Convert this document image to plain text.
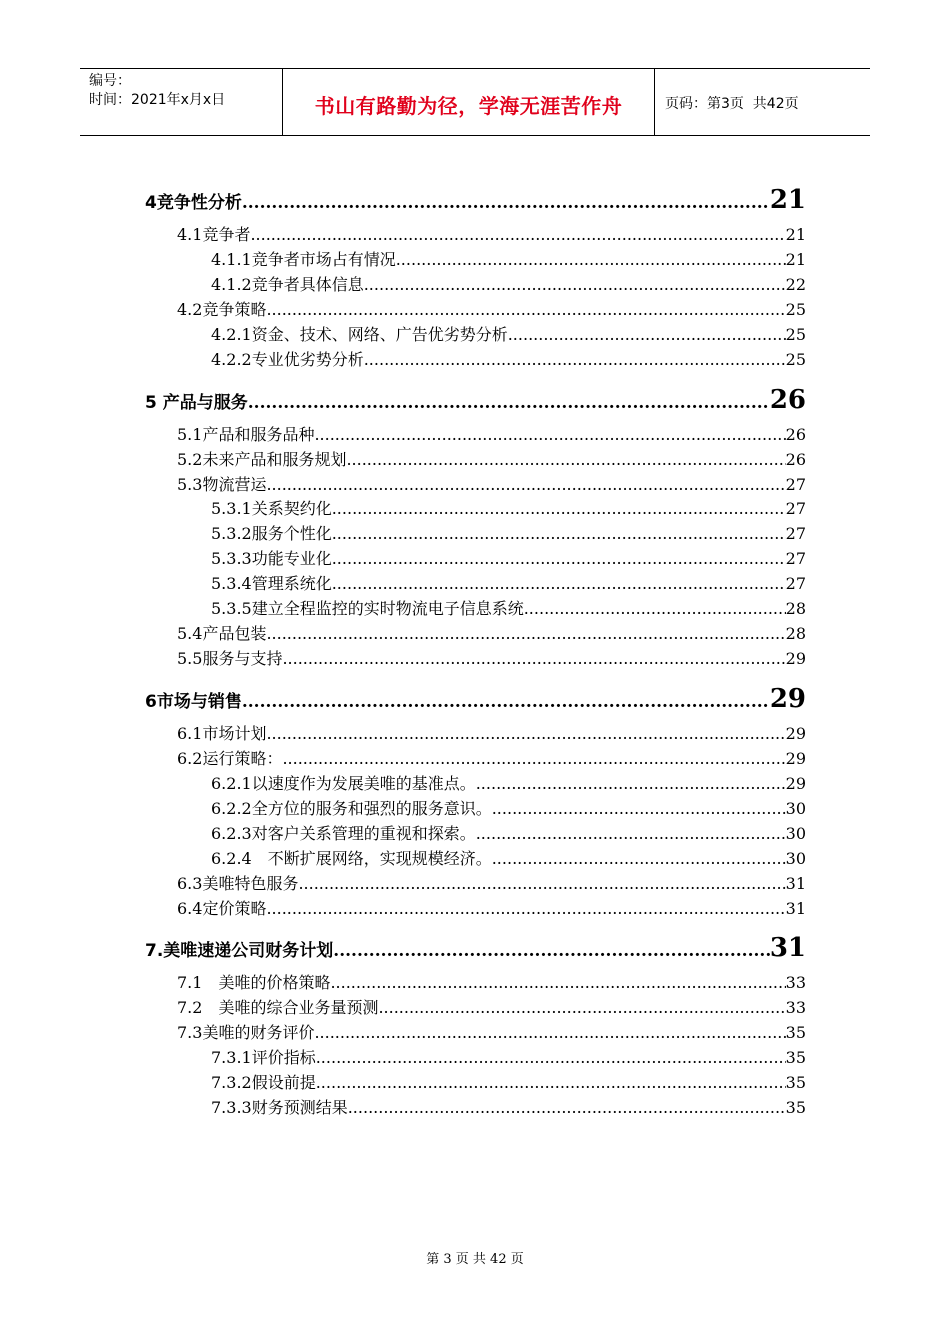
编号：
时间：2021年x月x日	书山有路勤为径，学海无涯苦作舟	页码：第3页  共42页
4竞争性分析 .....	21
4.1竞争者 .....	21
4.1.1竞争者市场占有情况 .....	21
4.1.2竞争者具体信息 .....	22
4.2竞争策略 .....	25
4.2.1资金、技术、网络、广告优劣势分析 .....	25
4.2.2专业优劣势分析 .....	25
5 产品与服务 .....	26
5.1产品和服务品种 .....	26
5.2未来产品和服务规划 .....	26
5.3物流营运 .....	27
5.3.1关系契约化 .....	27
5.3.2服务个性化 .....	27
5.3.3功能专业化 .....	27
5.3.4管理系统化 .....	27
5.3.5建立全程监控的实时物流电子信息系统 .....	28
5.4产品包装 .....	28
5.5服务与支持 .....	29
6市场与销售 .....	29
6.1市场计划 .....	29
6.2运行策略： .....	29
6.2.1以速度作为发展美唯的基准点。 .....	29
6.2.2全方位的服务和强烈的服务意识。 .....	30
6.2.3对客户关系管理的重视和探索。 .....	30
6.2.4　不断扩展网络，实现规模经济。 .....	30
6.3美唯特色服务 .....	31
6.4定价策略 .....	31
7.美唯速递公司财务计划 .....	31
7.1　美唯的价格策略 .....	33
7.2　美唯的综合业务量预测 .....	33
7.3美唯的财务评价 .....	35
7.3.1评价指标 .....	35
7.3.2假设前提 .....	35
7.3.3财务预测结果 .....	35
第 3 页 共 42 页
